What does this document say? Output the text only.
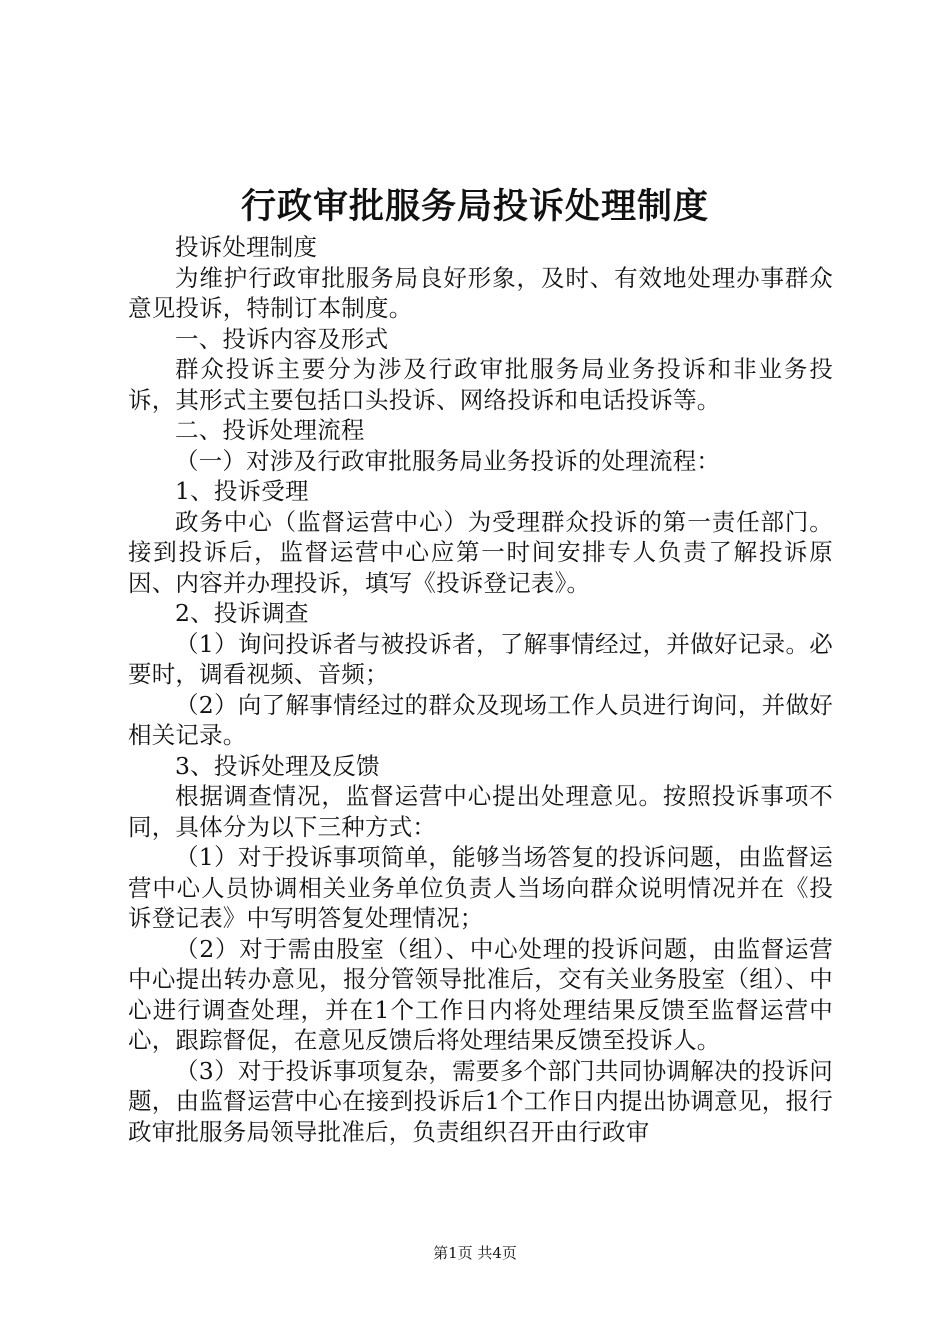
行政审批服务局投诉处理制度

投诉处理制度

为维护行政审批服务局良好形象，及时、有效地处理办事群众意见投诉，特制订本制度。

一、投诉内容及形式

群众投诉主要分为涉及行政审批服务局业务投诉和非业务投诉，其形式主要包括口头投诉、网络投诉和电话投诉等。

二、投诉处理流程

（一）对涉及行政审批服务局业务投诉的处理流程：

1、投诉受理

政务中心（监督运营中心）为受理群众投诉的第一责任部门。接到投诉后，监督运营中心应第一时间安排专人负责了解投诉原因、内容并办理投诉，填写《投诉登记表》。

2、投诉调查

（1）询问投诉者与被投诉者，了解事情经过，并做好记录。必要时，调看视频、音频；

（2）向了解事情经过的群众及现场工作人员进行询问，并做好相关记录。

3、投诉处理及反馈

根据调查情况，监督运营中心提出处理意见。按照投诉事项不同，具体分为以下三种方式：

（1）对于投诉事项简单，能够当场答复的投诉问题，由监督运营中心人员协调相关业务单位负责人当场向群众说明情况并在《投诉登记表》中写明答复处理情况；

（2）对于需由股室（组）、中心处理的投诉问题，由监督运营中心提出转办意见，报分管领导批准后，交有关业务股室（组）、中心进行调查处理，并在1个工作日内将处理结果反馈至监督运营中心，跟踪督促，在意见反馈后将处理结果反馈至投诉人。

（3）对于投诉事项复杂，需要多个部门共同协调解决的投诉问题，由监督运营中心在接到投诉后1个工作日内提出协调意见，报行政审批服务局领导批准后，负责组织召开由行政审

第1页 共4页
